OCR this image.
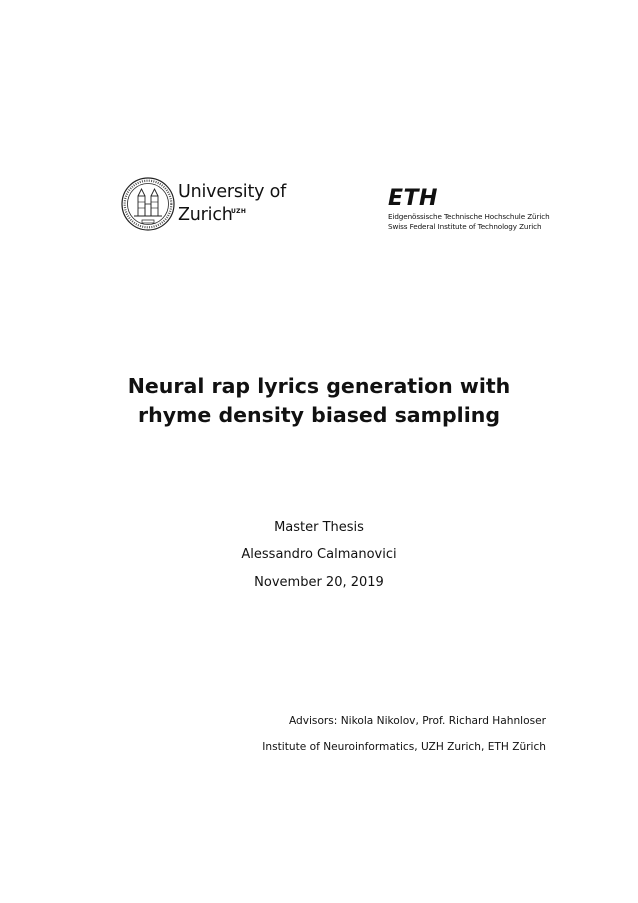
University of
Zurich
UZH
ETH
Eidgenössische Technische Hochschule Zürich
Swiss Federal Institute of Technology Zurich
Neural rap lyrics generation with
rhyme density biased sampling
Master Thesis
Alessandro Calmanovici
November 20, 2019
Advisors: Nikola Nikolov, Prof. Richard Hahnloser
Institute of Neuroinformatics, UZH Zurich, ETH Zürich
